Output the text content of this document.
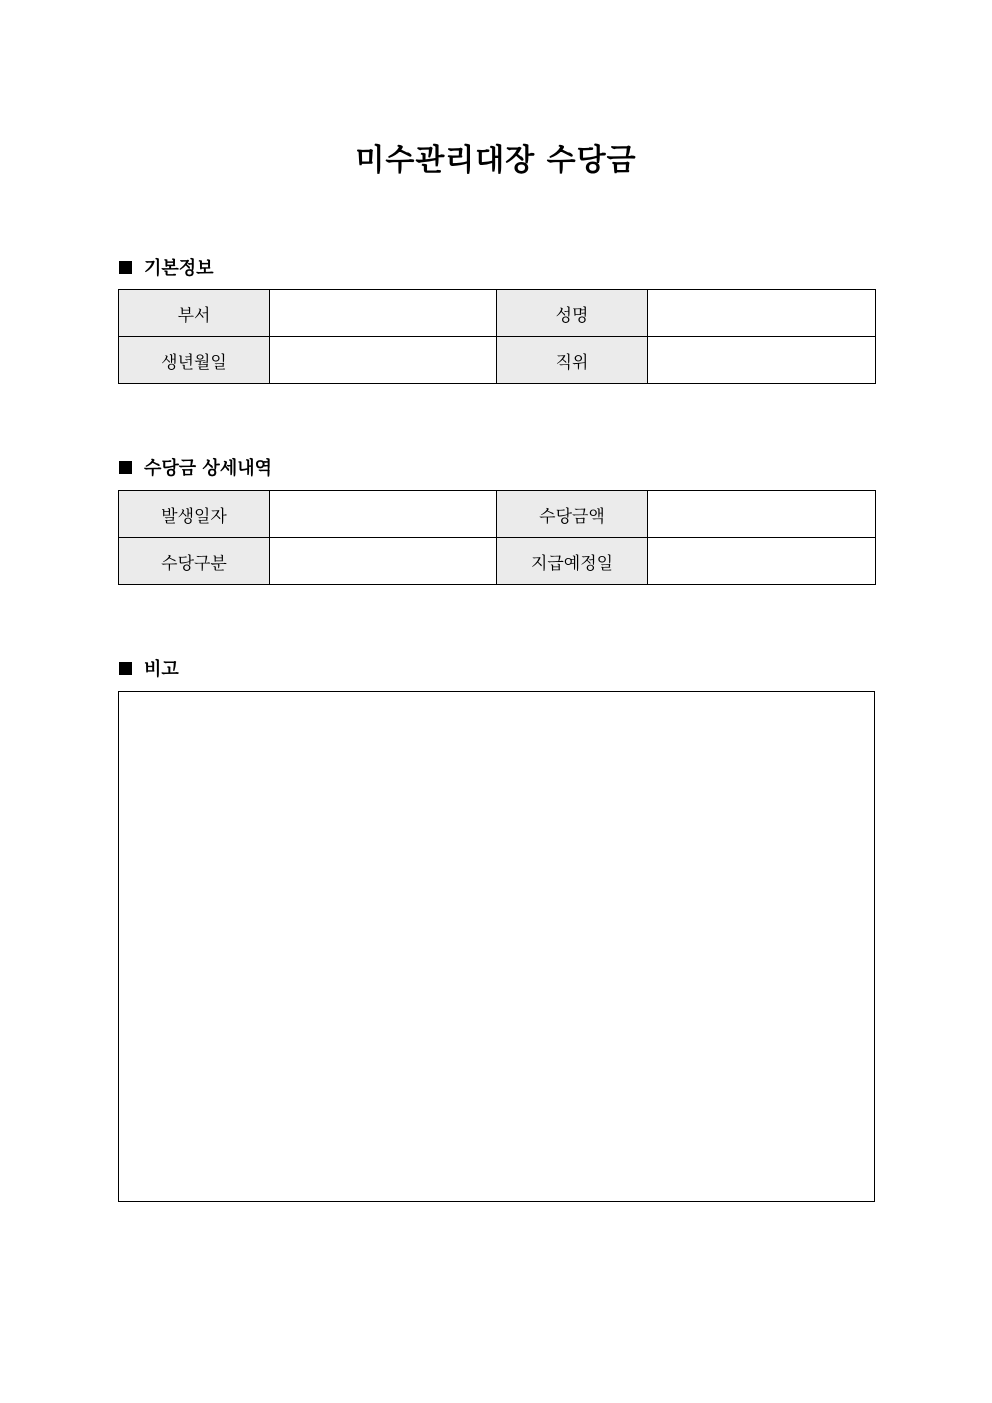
미수관리대장 수당금
기본정보
부서		성명	
생년월일		직위	
수당금 상세내역
발생일자		수당금액	
수당구분		지급예정일	
비고
